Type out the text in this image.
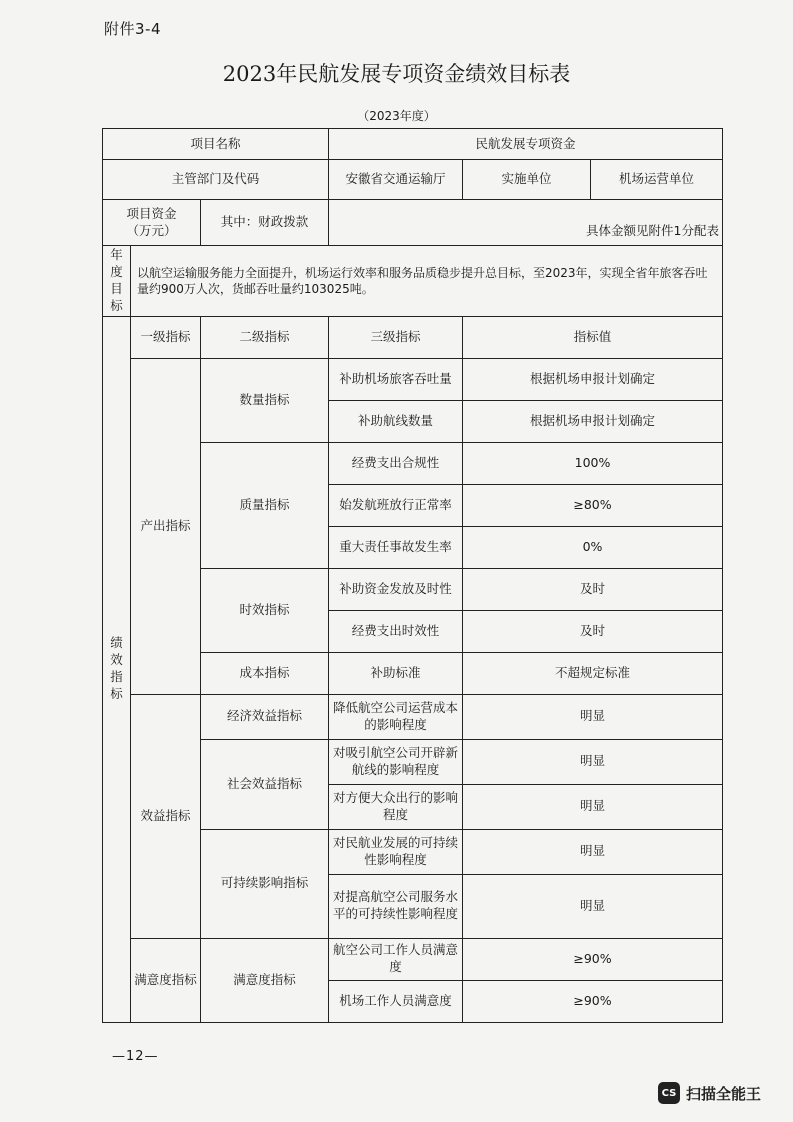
附件3-4
2023年民航发展专项资金绩效目标表
（2023年度）
项目名称			民航发展专项资金		
主管部门及代码			安徽省交通运输厅	实施单位	机场运营单位

项目资金
（万元）		其中：财政拨款	具体金额见附件1分配表		

年度
目标	以航空运输服务能力全面提升，机场运行效率和服务品质稳步提升总目标，至2023年，实现全省年旅客吞吐量约900万人次，货邮吞吐量约103025吨。				

绩
效
指
标	一级指标	二级指标	三级指标	指标值	
	产出指标	数量指标	补助机场旅客吞吐量	根据机场申报计划确定	
			补助航线数量	根据机场申报计划确定	
		质量指标	经费支出合规性	100%	
			始发航班放行正常率	≥80%	
			重大责任事故发生率	0%	
		时效指标	补助资金发放及时性	及时	
			经费支出时效性	及时	
		成本指标	补助标准	不超规定标准	
	效益指标	经济效益指标	降低航空公司运营成本的影响程度	明显	
		社会效益指标	对吸引航空公司开辟新航线的影响程度	明显	
			对方便大众出行的影响程度	明显	
		可持续影响指标	对民航业发展的可持续性影响程度	明显	
			对提高航空公司服务水平的可持续性影响程度	明显	
	满意度指标	满意度指标	航空公司工作人员满意度	≥90%	
			机场工作人员满意度	≥90%	
—12—
CS 扫描全能王
